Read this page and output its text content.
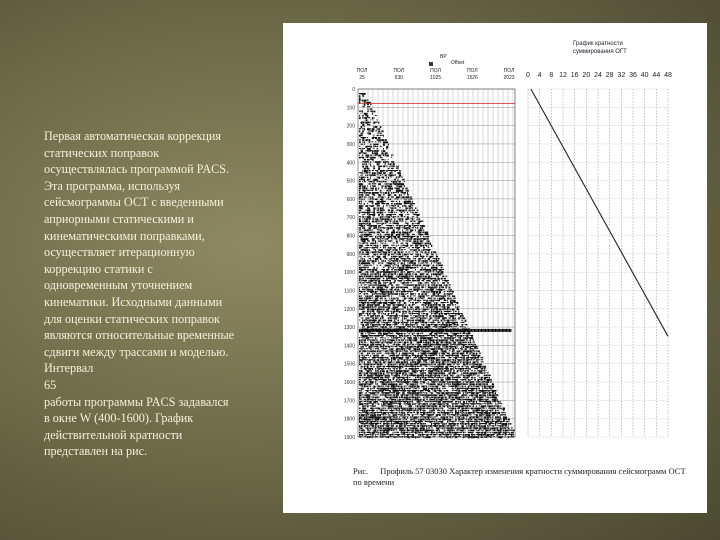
Первая автоматическая коррекция

статических поправок

осуществлялась программой PACS.

Эта программа, используя

сейсмограммы ОСТ с введенными

априорными статическими и

кинематическими поправками,

осуществляет итерационную

коррекцию статики с

одновременным уточнением

кинематики. Исходными данными

для оценки статических поправок

являются относительные временные

сдвиги между трассами и моделью.

Интервал

65

работы программы PACS задавался

в окне W (400-1600). График

действительной кратности

представлен на рис.

0
100
200
300
400
500
600
700
800
900
1000
1100
1200
1300
1400
1500
1600
1700
1800
1900
ПОЛ
25
ПОЛ
530
ПОЛ
1025
ПОЛ
1526
ПОЛ
2023 0 4 8 12 16 20 24 28 32 36 40 44 48
График кратности
суммирования ОГТ
BP
Offset
Рис. Профиль 57 03030 Характер изменения кратности суммирования сейсмограмм ОСТ по времени
